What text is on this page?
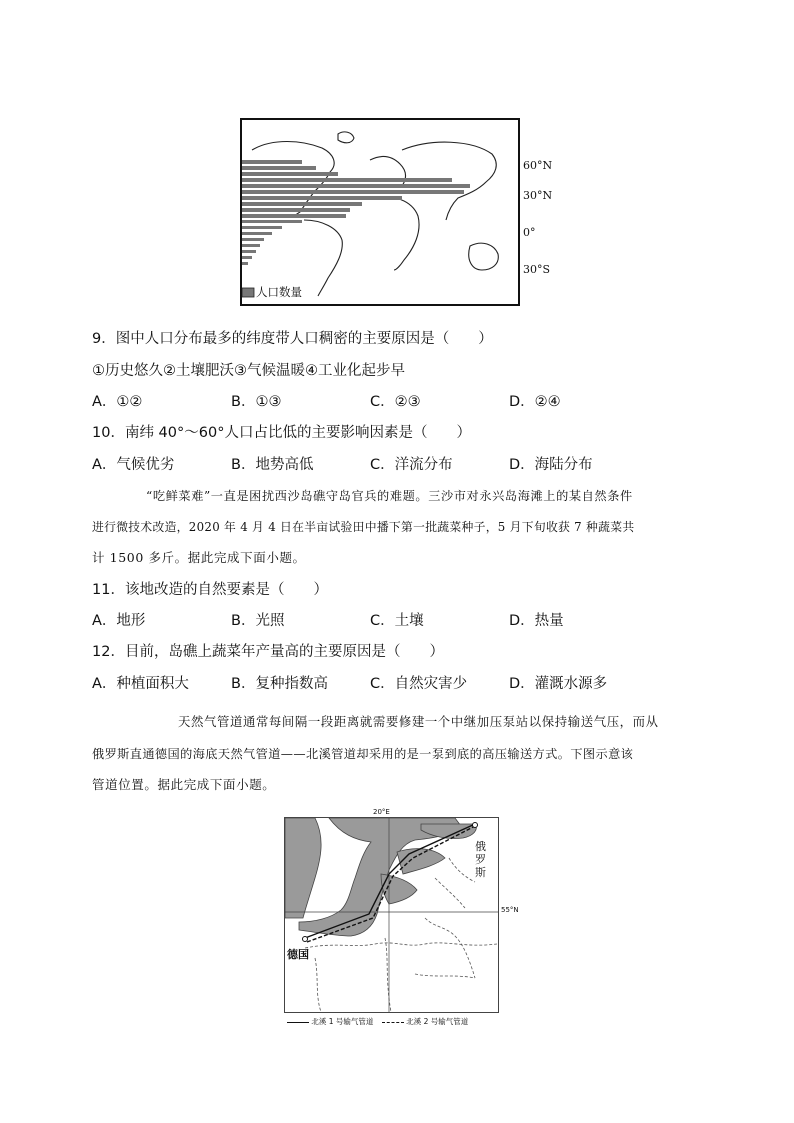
人口数量
60°N
30°N
0°
30°S
9．图中人口分布最多的纬度带人口稠密的主要原因是（　　）
①历史悠久②土壤肥沃③气候温暖④工业化起步早
A．①②	B．①③	C．②③	D．②④
10．南纬 40°～60°人口占比低的主要影响因素是（　　）
A．气候优劣	B．地势高低	C．洋流分布	D．海陆分布
“吃鲜菜难”一直是困扰西沙岛礁守岛官兵的难题。三沙市对永兴岛海滩上的某自然条件
进行微技术改造，2020 年 4 月 4 日在半亩试验田中播下第一批蔬菜种子，5 月下旬收获 7 种蔬菜共
计 1500 多斤。据此完成下面小题。
11．该地改造的自然要素是（　　）
A．地形	B．光照	C．土壤	D．热量
12．目前，岛礁上蔬菜年产量高的主要原因是（　　）
A．种植面积大	B．复种指数高	C．自然灾害少	D．灌溉水源多
天然气管道通常每间隔一段距离就需要修建一个中继加压泵站以保持输送气压，而从
俄罗斯直通德国的海底天然气管道——北溪管道却采用的是一泵到底的高压输送方式。下图示意该
管道位置。据此完成下面小题。
20°E
55°N
俄罗斯
德国
北溪 1 号输气管道	北溪 2 号输气管道
